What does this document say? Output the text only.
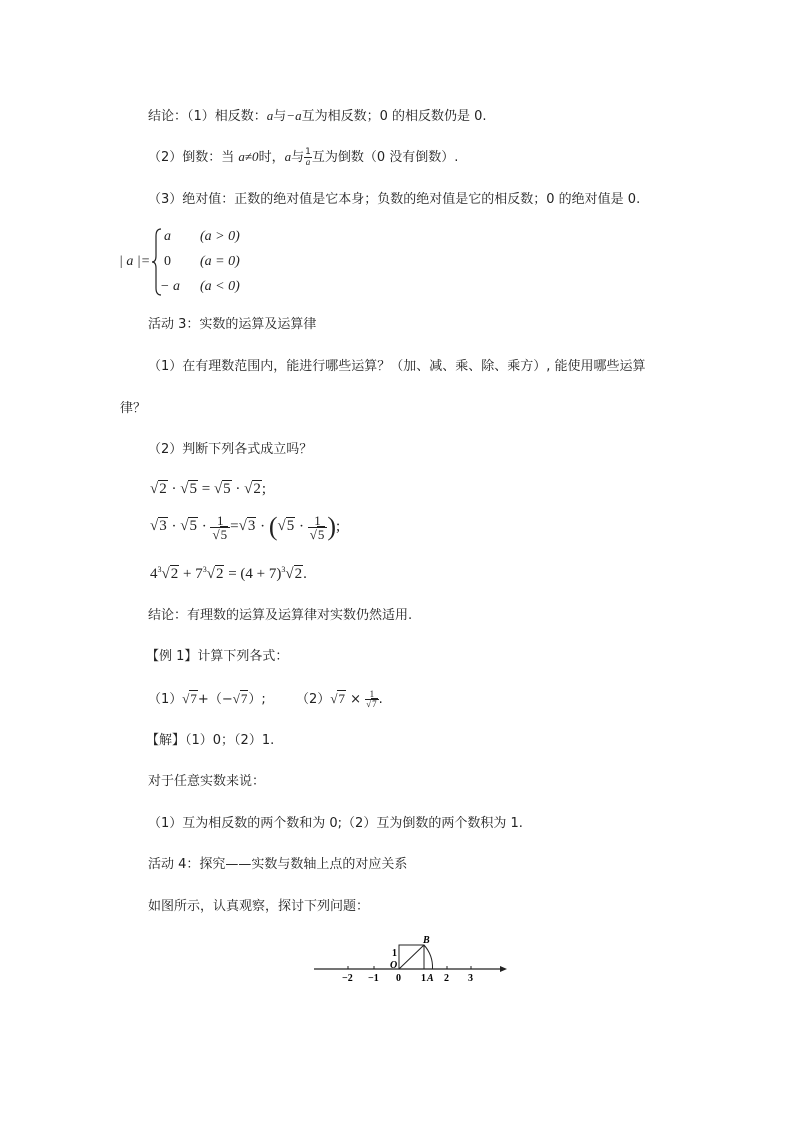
结论：（1）相反数：a与−a互为相反数；0 的相反数仍是 0.
（2）倒数：当 a≠0时，a与 $\frac{1}{a}$ 互为倒数（0 没有倒数）.
（3）绝对值：正数的绝对值是它本身；负数的绝对值是它的相反数；0 的绝对值是 0.
| a |=
a (a > 0)
0 (a = 0)
− a (a < 0)
活动 3：实数的运算及运算律
（1）在有理数范围内，能进行哪些运算？（加、减、乘、除、乘方）, 能使用哪些运算
律？
（2）判断下列各式成立吗？
√2 · √5 = √5 · √2;
$√3 \cdot √5 \cdot \frac{1}{√5} =√3 \cdot (√5 \cdot \frac{1}{√5}$ );
$4^3√2 + 7^3√2 = (4 + 7)^3√2$.
结论：有理数的运算及运算律对实数仍然适用.
【例 1】计算下列各式：
（1）√7+（−√7）; $(2)√7 \times \frac{1}{√7}$ .
【解】（1）0；（2）1.
对于任意实数来说：
（1）互为相反数的两个数和为 0;（2）互为倒数的两个数积为 1.
活动 4：探究——实数与数轴上点的对应关系
如图所示，认真观察，探讨下列问题：
−2 −1 0 1 2 3
A
B
O
1
